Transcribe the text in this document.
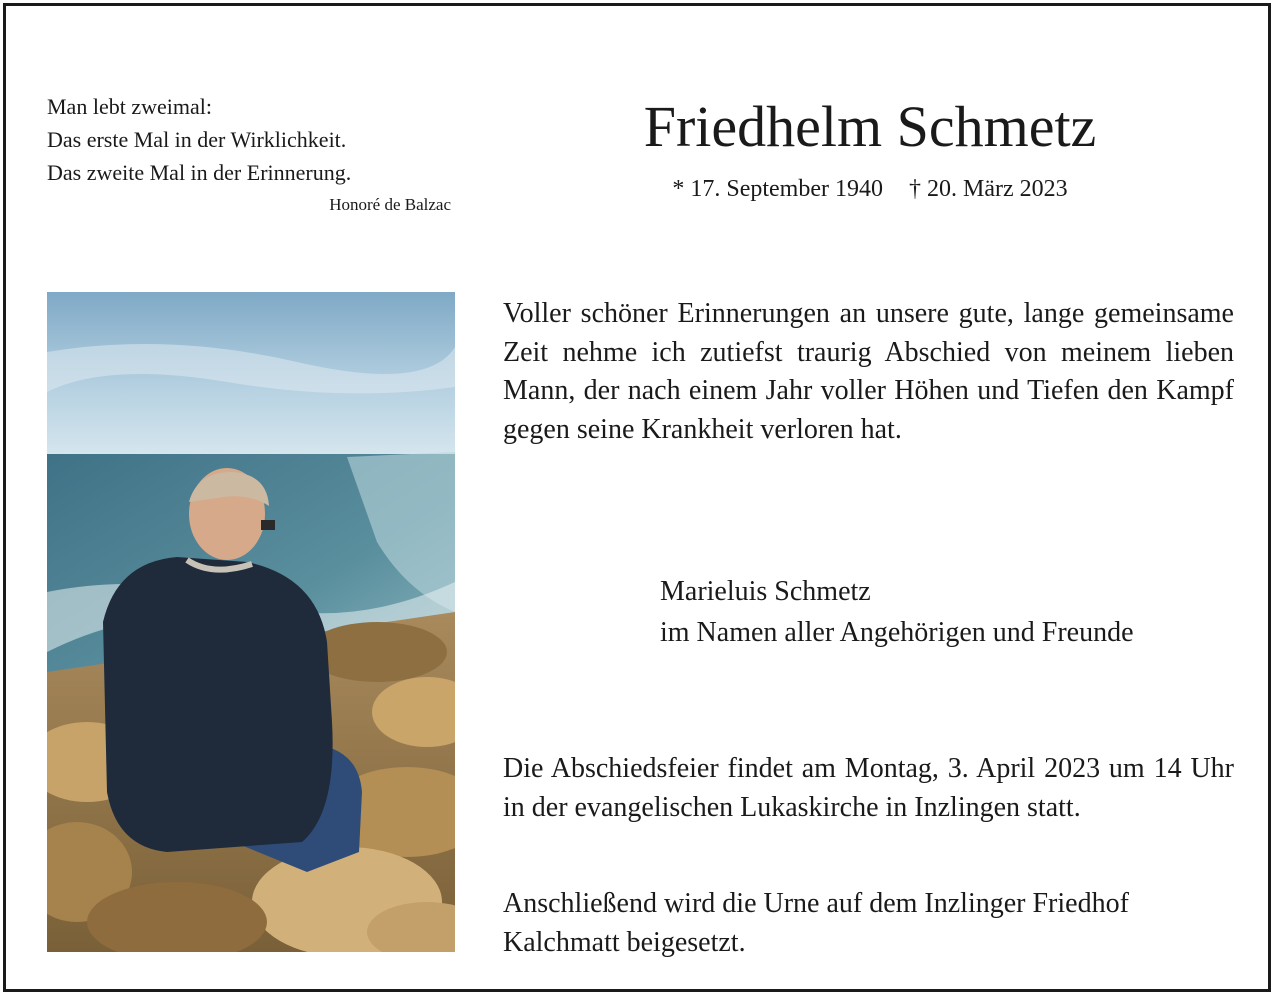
Man lebt zweimal:
Das erste Mal in der Wirklichkeit.
Das zweite Mal in der Erinnerung.
Honoré de Balzac
Friedhelm Schmetz
* 17. September 1940 † 20. März 2023
Voller schöner Erinnerungen an unsere gute, lange gemeinsame Zeit nehme ich zutiefst traurig Abschied von meinem lieben Mann, der nach einem Jahr voller Höhen und Tiefen den Kampf gegen seine Krankheit verloren hat.
Marieluis Schmetz
im Namen aller Angehörigen und Freunde
Die Abschiedsfeier findet am Montag, 3. April 2023 um 14 Uhr in der evangelischen Lukaskirche in Inzlingen statt.
Anschließend wird die Urne auf dem Inzlinger Friedhof Kalchmatt beigesetzt.
